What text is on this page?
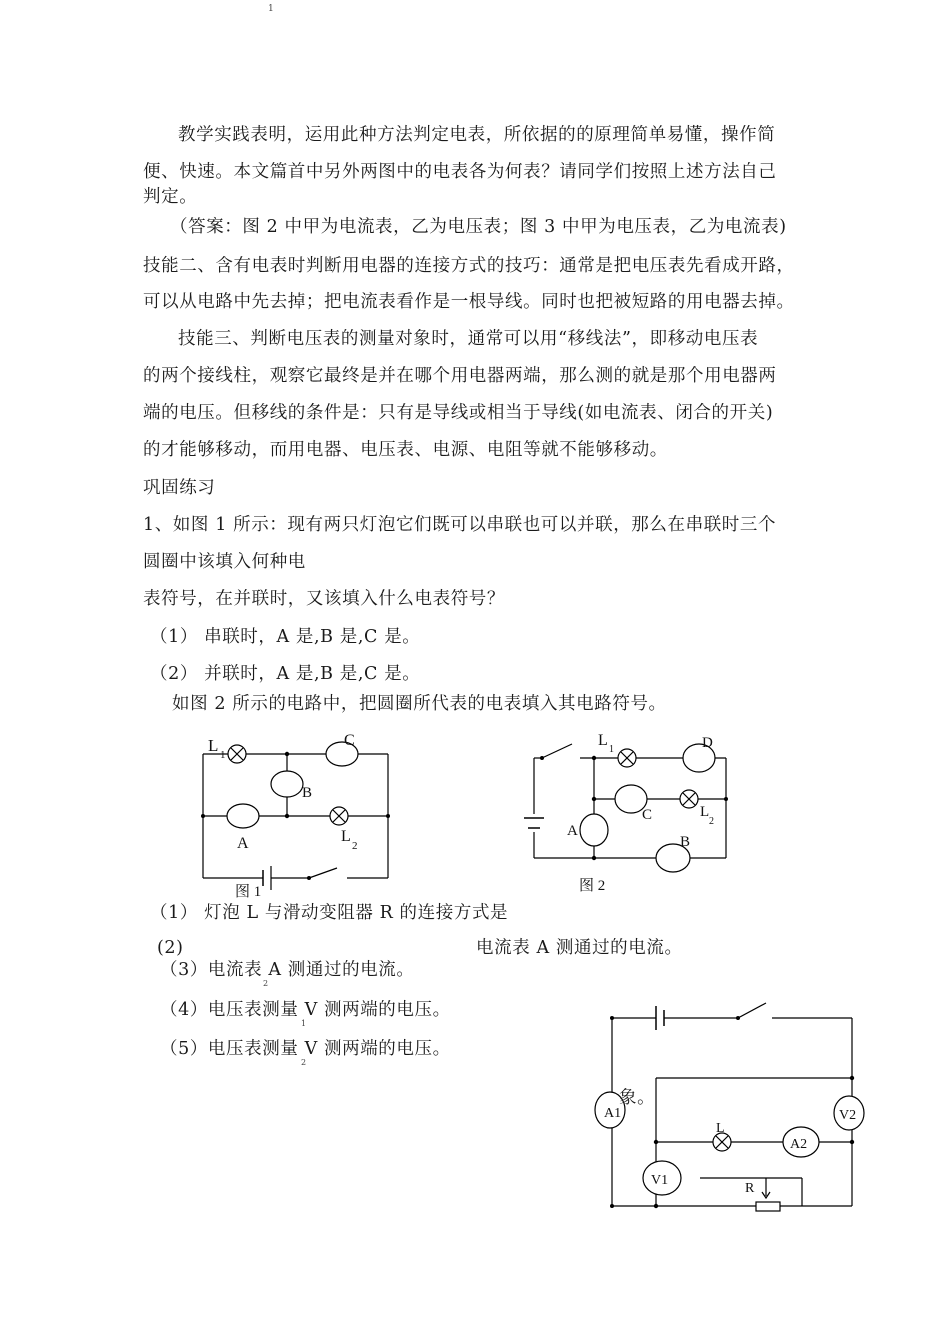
1
教学实践表明，运用此种方法判定电表，所依据的的原理简单易懂，操作简
便、快速。本文篇首中另外两图中的电表各为何表？请同学们按照上述方法自己
判定。
（答案：图 2 中甲为电流表，乙为电压表；图 3 中甲为电压表，乙为电流表)
技能二、含有电表时判断用电器的连接方式的技巧：通常是把电压表先看成开路，
可以从电路中先去掉；把电流表看作是一根导线。同时也把被短路的用电器去掉。
技能三、判断电压表的测量对象时，通常可以用“移线法”，即移动电压表
的两个接线柱，观察它最终是并在哪个用电器两端，那么测的就是那个用电器两
端的电压。但移线的条件是：只有是导线或相当于导线(如电流表、闭合的开关)
的才能够移动，而用电器、电压表、电源、电阻等就不能够移动。
巩固练习
1、如图 1 所示：现有两只灯泡它们既可以串联也可以并联，那么在串联时三个
圆圈中该填入何种电
表符号，在并联时，又该填入什么电表符号？
（1） 串联时，A 是,B 是,C 是。
（2） 并联时，A 是,B 是,C 是。
如图 2 所示的电路中，把圆圈所代表的电表填入其电路符号。
L 1
C
B
A	L
2
图 1
L
1	D
C	L
2
A
B
图 2
（1） 灯泡 L 与滑动变阻器 R 的连接方式是
(2)	电流表 A 测通过的电流。
（3）电流表 A 测通过的电流。
2
（4）电压表测量 V 测两端的电压。
1
（5）电压表测量 V 测两端的电压。
2
A1	V2
L
A2
V1
R
象。
